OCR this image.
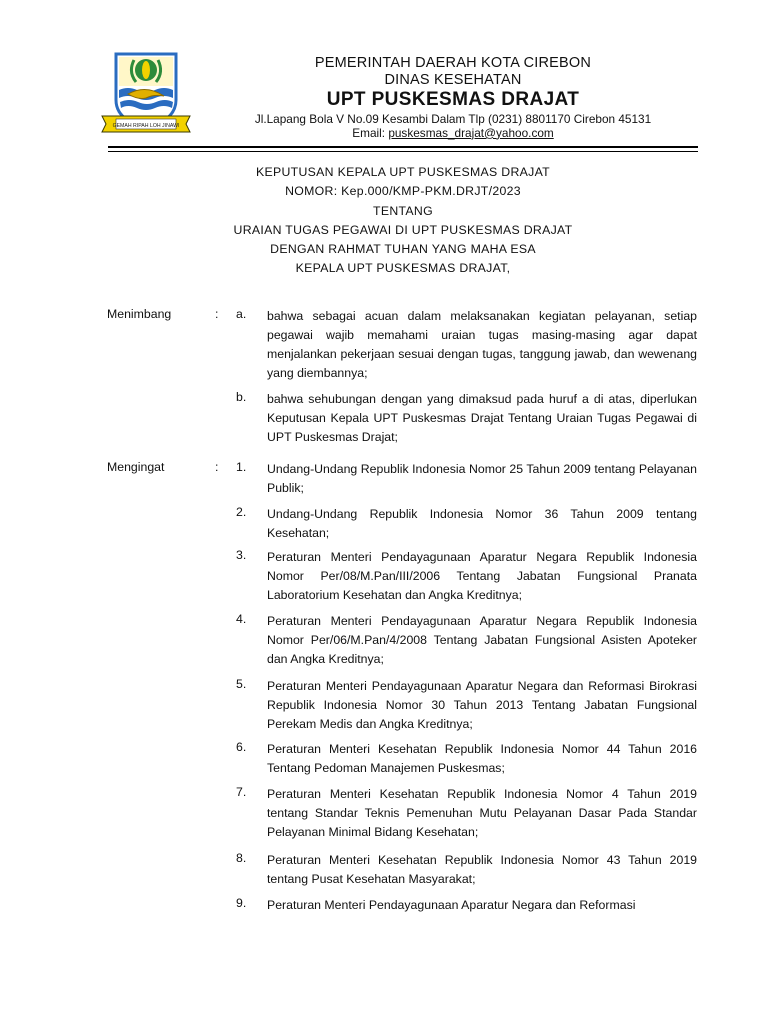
GEMAH RIPAH LOH JINAWI
PEMERINTAH DAERAH KOTA CIREBON
DINAS KESEHATAN
UPT PUSKESMAS DRAJAT
Jl.Lapang Bola V No.09 Kesambi Dalam Tlp (0231) 8801170 Cirebon 45131
Email: puskesmas_drajat@yahoo.com
KEPUTUSAN KEPALA UPT PUSKESMAS DRAJAT
NOMOR: Kep.000/KMP-PKM.DRJT/2023
TENTANG
URAIAN TUGAS PEGAWAI DI UPT PUSKESMAS DRAJAT
DENGAN RAHMAT TUHAN YANG MAHA ESA
KEPALA UPT PUSKESMAS DRAJAT,
Menimbang	: a. bahwa sebagai acuan dalam melaksanakan kegiatan pelayanan, setiap pegawai wajib memahami uraian tugas masing-masing agar dapat menjalankan pekerjaan sesuai dengan tugas, tanggung jawab, dan wewenang yang diembannya;
b. bahwa sehubungan dengan yang dimaksud pada huruf a di atas, diperlukan Keputusan Kepala UPT Puskesmas Drajat Tentang Uraian Tugas Pegawai di UPT Puskesmas Drajat;
Mengingat	: 1. Undang-Undang Republik Indonesia Nomor 25 Tahun 2009 tentang Pelayanan Publik;
2. Undang-Undang Republik Indonesia Nomor 36 Tahun 2009 tentang Kesehatan;
3. Peraturan Menteri Pendayagunaan Aparatur Negara Republik Indonesia Nomor Per/08/M.Pan/III/2006 Tentang Jabatan Fungsional Pranata Laboratorium Kesehatan dan Angka Kreditnya;
4. Peraturan Menteri Pendayagunaan Aparatur Negara Republik Indonesia Nomor Per/06/M.Pan/4/2008 Tentang Jabatan Fungsional Asisten Apoteker dan Angka Kreditnya;
5. Peraturan Menteri Pendayagunaan Aparatur Negara dan Reformasi Birokrasi Republik Indonesia Nomor 30 Tahun 2013 Tentang Jabatan Fungsional Perekam Medis dan Angka Kreditnya;
6. Peraturan Menteri Kesehatan Republik Indonesia Nomor 44 Tahun 2016 Tentang Pedoman Manajemen Puskesmas;
7. Peraturan Menteri Kesehatan Republik Indonesia Nomor 4 Tahun 2019 tentang Standar Teknis Pemenuhan Mutu Pelayanan Dasar Pada Standar Pelayanan Minimal Bidang Kesehatan;
8. Peraturan Menteri Kesehatan Republik Indonesia Nomor 43 Tahun 2019 tentang Pusat Kesehatan Masyarakat;
9. Peraturan Menteri Pendayagunaan Aparatur Negara dan Reformasi
